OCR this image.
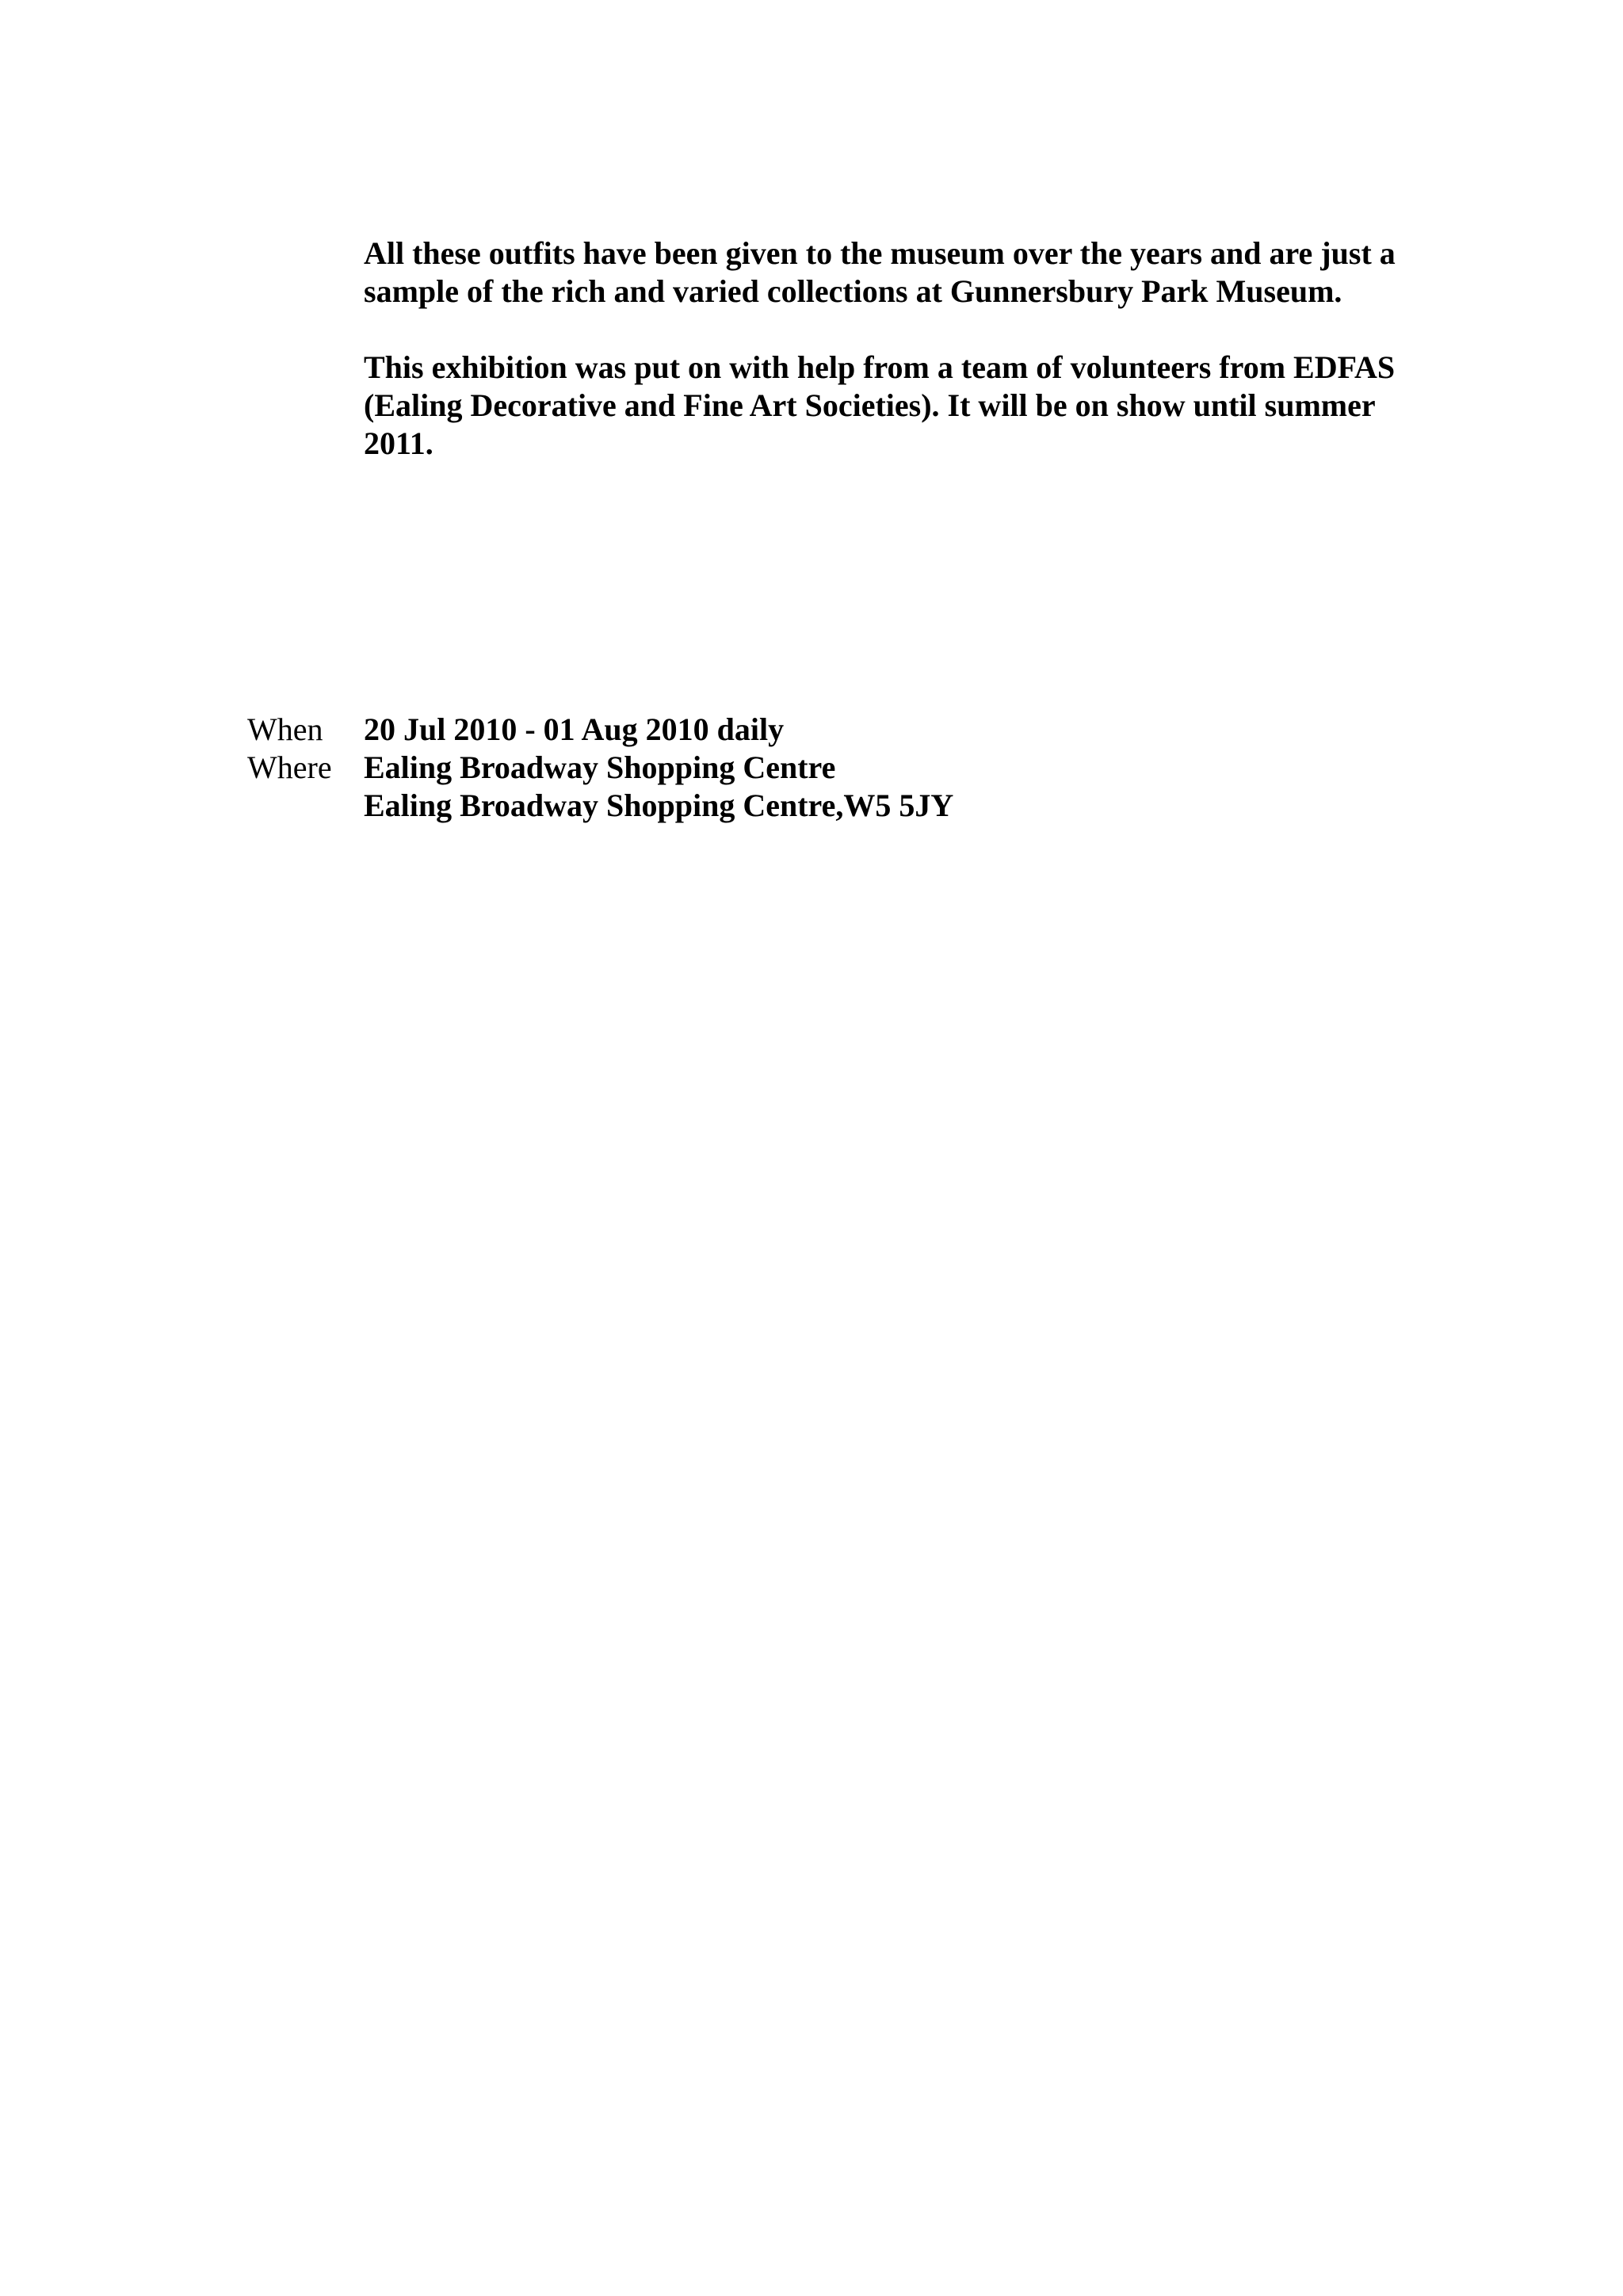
All these outfits have been given to the museum over the years and are just a
sample of the rich and varied collections at Gunnersbury Park Museum.

This exhibition was put on with help from a team of volunteers from EDFAS
(Ealing Decorative and Fine Art Societies). It will be on show until summer
2011.

When	20 Jul 2010 - 01 Aug 2010 daily
Where	Ealing Broadway Shopping Centre
Ealing Broadway Shopping Centre,W5 5JY
